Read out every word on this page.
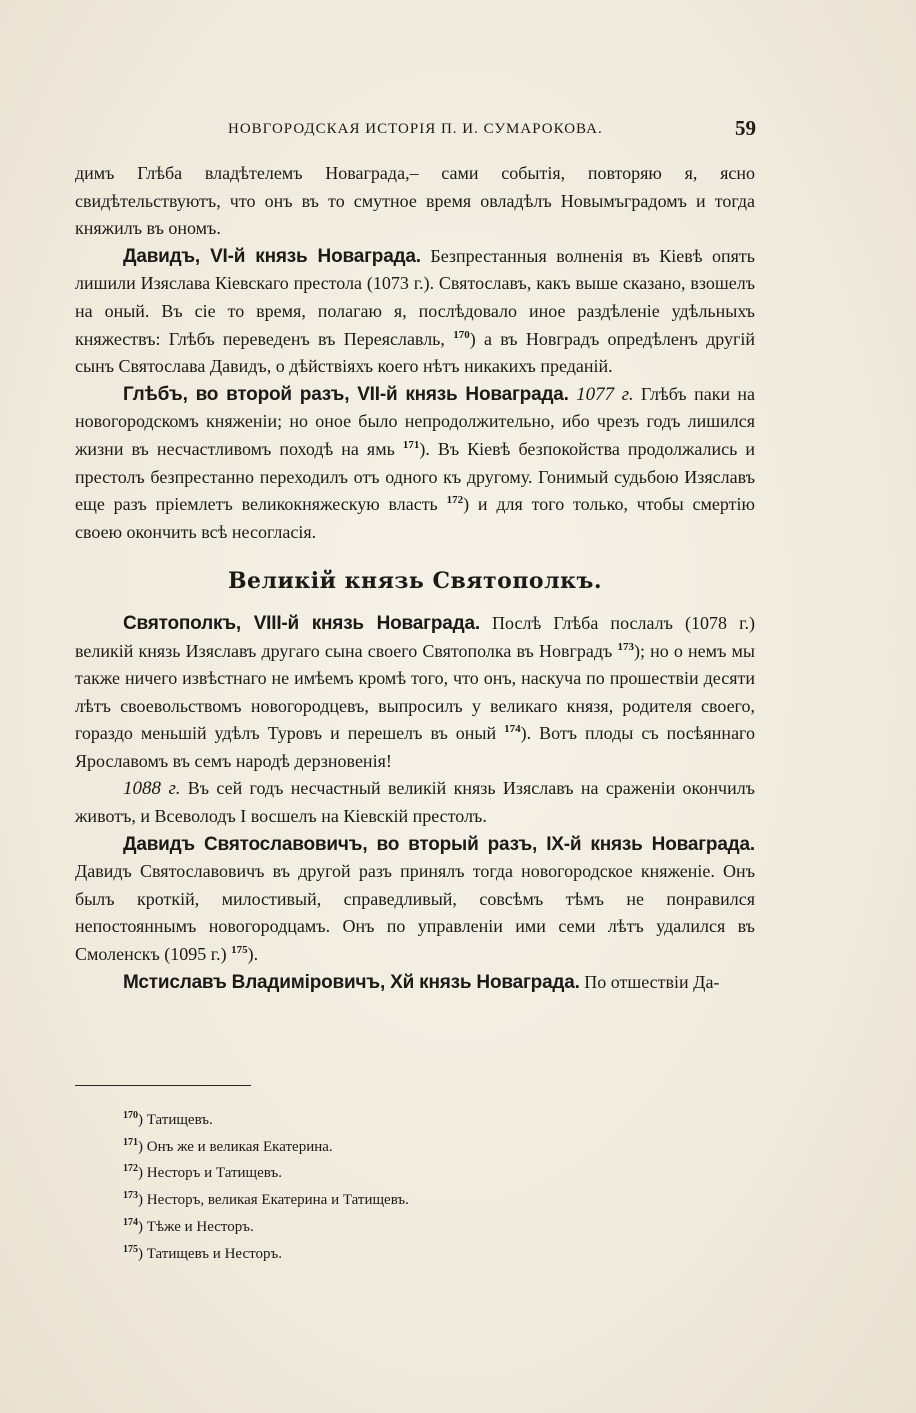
НОВГОРОДСКАЯ ИСТОРІЯ П. И. СУМАРОКОВА.	59

димъ Глѣба владѣтелемъ Новаграда,– сами событія, повторяю я, ясно свидѣтельствуютъ, что онъ въ то смутное время овладѣлъ Новымъградомъ и тогда княжилъ въ ономъ.

Давидъ, VI-й князь Новаграда. Безпрестанныя волненія въ Кіевѣ опять лишили Изяслава Кіевскаго престола (1073 г.). Святославъ, какъ выше сказано, взошелъ на оный. Въ сіе то время, полагаю я, послѣдовало иное раздѣленіе удѣльныхъ княжествъ: Глѣбъ переведенъ въ Переяславль, $^{170}$) а въ Новградъ опредѣленъ другій сынъ Святослава Давидъ, о дѣйствіяхъ коего нѣтъ никакихъ преданій.

Глѣбъ, во второй разъ, VII-й князь Новаграда. 1077 г. Глѣбъ паки на новогородскомъ княженіи; но оное было непродолжительно, ибо чрезъ годъ лишился жизни въ несчастливомъ походѣ на ямь $^{171}$). Въ Кіевѣ безпокойства продолжались и престолъ безпрестанно переходилъ отъ одного къ другому. Гонимый судьбою Изяславъ еще разъ пріемлетъ великокняжескую власть $^{172}$) и для того только, чтобы смертію своею окончить всѣ несогласія.

Великій князь Святополкъ.

Святополкъ, VIII-й князь Новаграда. Послѣ Глѣба послалъ (1078 г.) великій князь Изяславъ другаго сына своего Святополка въ Новградъ $^{173}$); но о немъ мы также ничего извѣстнаго не имѣемъ кромѣ того, что онъ, наскуча по прошествіи десяти лѣтъ своевольствомъ новогородцевъ, выпросилъ у великаго князя, родителя своего, гораздо меньшій удѣлъ Туровъ и перешелъ въ оный $^{174}$). Вотъ плоды съ посѣяннаго Ярославомъ въ семъ народѣ дерзновенія!

1088 г. Въ сей годъ несчастный великій князь Изяславъ на сраженіи окончилъ животъ, и Всеволодъ I восшелъ на Кіевскій престолъ.

Давидъ Святославовичъ, во вторый разъ, IX-й князь Новаграда. Давидъ Святославовичъ въ другой разъ принялъ тогда новогородское княженіе. Онъ былъ кроткій, милостивый, справедливый, совсѣмъ тѣмъ не понравился непостояннымъ новогородцамъ. Онъ по управленіи ими семи лѣтъ удалился въ Смоленскъ (1095 г.) $^{175}$).

Мстиславъ Владиміровичъ, Хй князь Новаграда. По отшествіи Да-

$^{170}$) Татищевъ.
$^{171}$) Онъ же и великая Екатерина.
$^{172}$) Несторъ и Татищевъ.
$^{173}$) Несторъ, великая Екатерина и Татищевъ.
$^{174}$) Тѣже и Несторъ.
$^{175}$) Татищевъ и Несторъ.
